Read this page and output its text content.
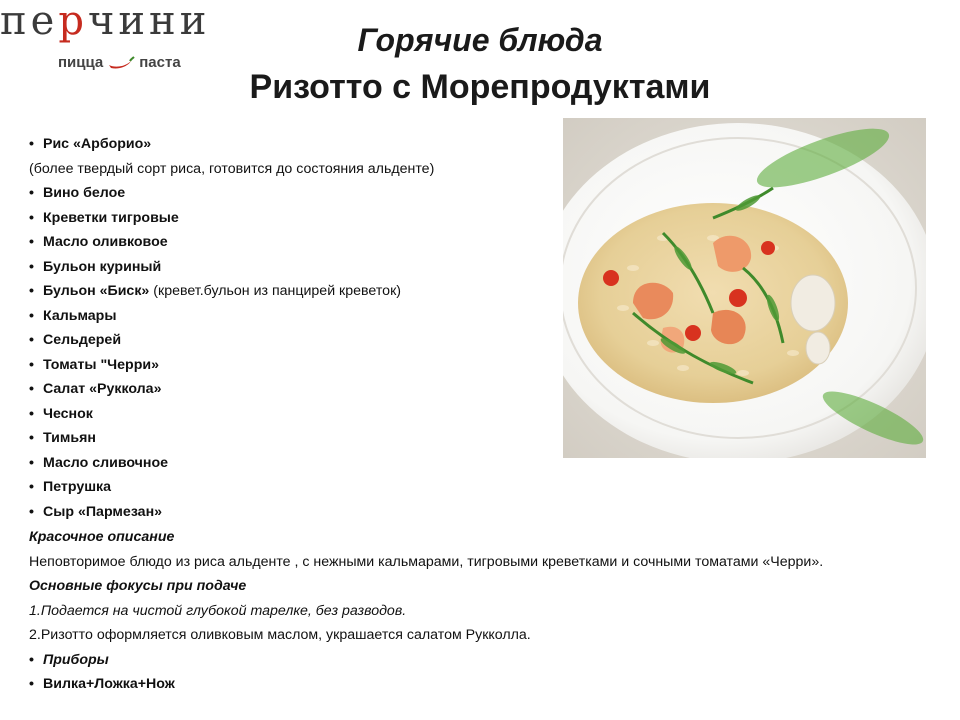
перчини
пицца паста
Горячие блюда
Ризотто с Морепродуктами
• Рис «Арборио»
(более твердый сорт риса, готовится до состояния альденте)
• Вино белое
• Креветки тигровые
• Масло оливковое
• Бульон куриный
• Бульон «Биск» (кревет.бульон из панцирей креветок)
• Кальмары
• Сельдерей
• Томаты "Черри»
• Салат «Руккола»
• Чеснок
• Тимьян
• Масло сливочное
• Петрушка
• Сыр «Пармезан»
Красочное описание
Неповторимое блюдо из риса альденте , с нежными кальмарами, тигровыми креветками и сочными томатами «Черри».
Основные фокусы при подаче
1.Подается на чистой глубокой тарелке, без разводов.
2.Ризотто оформляется оливковым маслом, украшается салатом Рукколла.
• Приборы
• Вилка+Ложка+Нож
